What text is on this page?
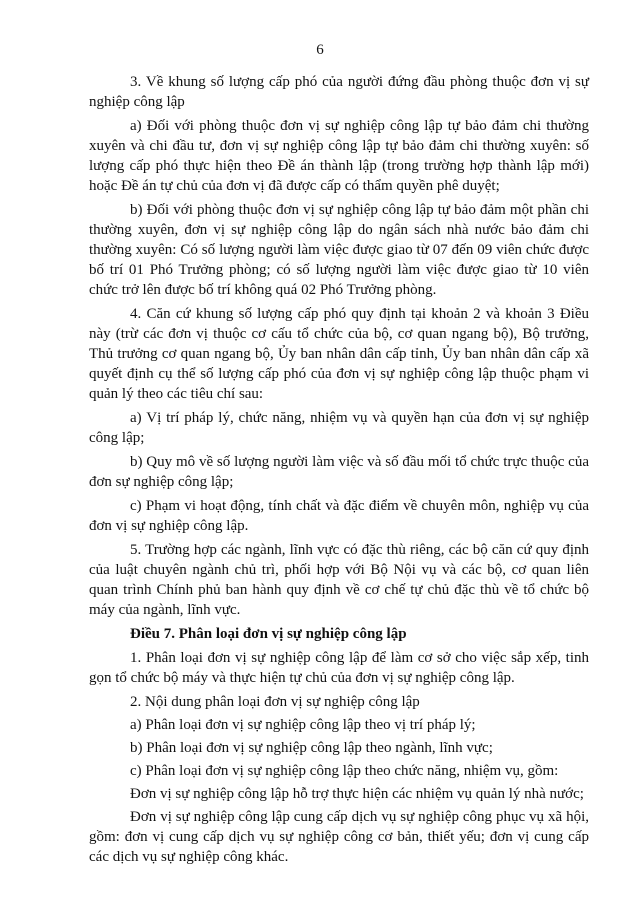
6

3. Về khung số lượng cấp phó của người đứng đầu phòng thuộc đơn vị sự nghiệp công lập

a) Đối với phòng thuộc đơn vị sự nghiệp công lập tự bảo đảm chi thường xuyên và chi đầu tư, đơn vị sự nghiệp công lập tự bảo đảm chi thường xuyên: số lượng cấp phó thực hiện theo Đề án thành lập (trong trường hợp thành lập mới) hoặc Đề án tự chủ của đơn vị đã được cấp có thẩm quyền phê duyệt;

b) Đối với phòng thuộc đơn vị sự nghiệp công lập tự bảo đảm một phần chi thường xuyên, đơn vị sự nghiệp công lập do ngân sách nhà nước bảo đảm chi thường xuyên: Có số lượng người làm việc được giao từ 07 đến 09 viên chức được bố trí 01 Phó Trưởng phòng; có số lượng người làm việc được giao từ 10 viên chức trở lên được bố trí không quá 02 Phó Trưởng phòng.

4. Căn cứ khung số lượng cấp phó quy định tại khoản 2 và khoản 3 Điều này (trừ các đơn vị thuộc cơ cấu tổ chức của bộ, cơ quan ngang bộ), Bộ trưởng, Thủ trưởng cơ quan ngang bộ, Ủy ban nhân dân cấp tỉnh, Ủy ban nhân dân cấp xã quyết định cụ thể số lượng cấp phó của đơn vị sự nghiệp công lập thuộc phạm vi quản lý theo các tiêu chí sau:

a) Vị trí pháp lý, chức năng, nhiệm vụ và quyền hạn của đơn vị sự nghiệp công lập;

b) Quy mô về số lượng người làm việc và số đầu mối tổ chức trực thuộc của đơn sự nghiệp công lập;

c) Phạm vi hoạt động, tính chất và đặc điểm về chuyên môn, nghiệp vụ của đơn vị sự nghiệp công lập.

5. Trường hợp các ngành, lĩnh vực có đặc thù riêng, các bộ căn cứ quy định của luật chuyên ngành chủ trì, phối hợp với Bộ Nội vụ và các bộ, cơ quan liên quan trình Chính phủ ban hành quy định về cơ chế tự chủ đặc thù về tổ chức bộ máy của ngành, lĩnh vực.

Điều 7. Phân loại đơn vị sự nghiệp công lập

1. Phân loại đơn vị sự nghiệp công lập để làm cơ sở cho việc sắp xếp, tinh gọn tổ chức bộ máy và thực hiện tự chủ của đơn vị sự nghiệp công lập.

2. Nội dung phân loại đơn vị sự nghiệp công lập

a) Phân loại đơn vị sự nghiệp công lập theo vị trí pháp lý;

b) Phân loại đơn vị sự nghiệp công lập theo ngành, lĩnh vực;

c) Phân loại đơn vị sự nghiệp công lập theo chức năng, nhiệm vụ, gồm:

Đơn vị sự nghiệp công lập hỗ trợ thực hiện các nhiệm vụ quản lý nhà nước;

Đơn vị sự nghiệp công lập cung cấp dịch vụ sự nghiệp công phục vụ xã hội, gồm: đơn vị cung cấp dịch vụ sự nghiệp công cơ bản, thiết yếu; đơn vị cung cấp các dịch vụ sự nghiệp công khác.
